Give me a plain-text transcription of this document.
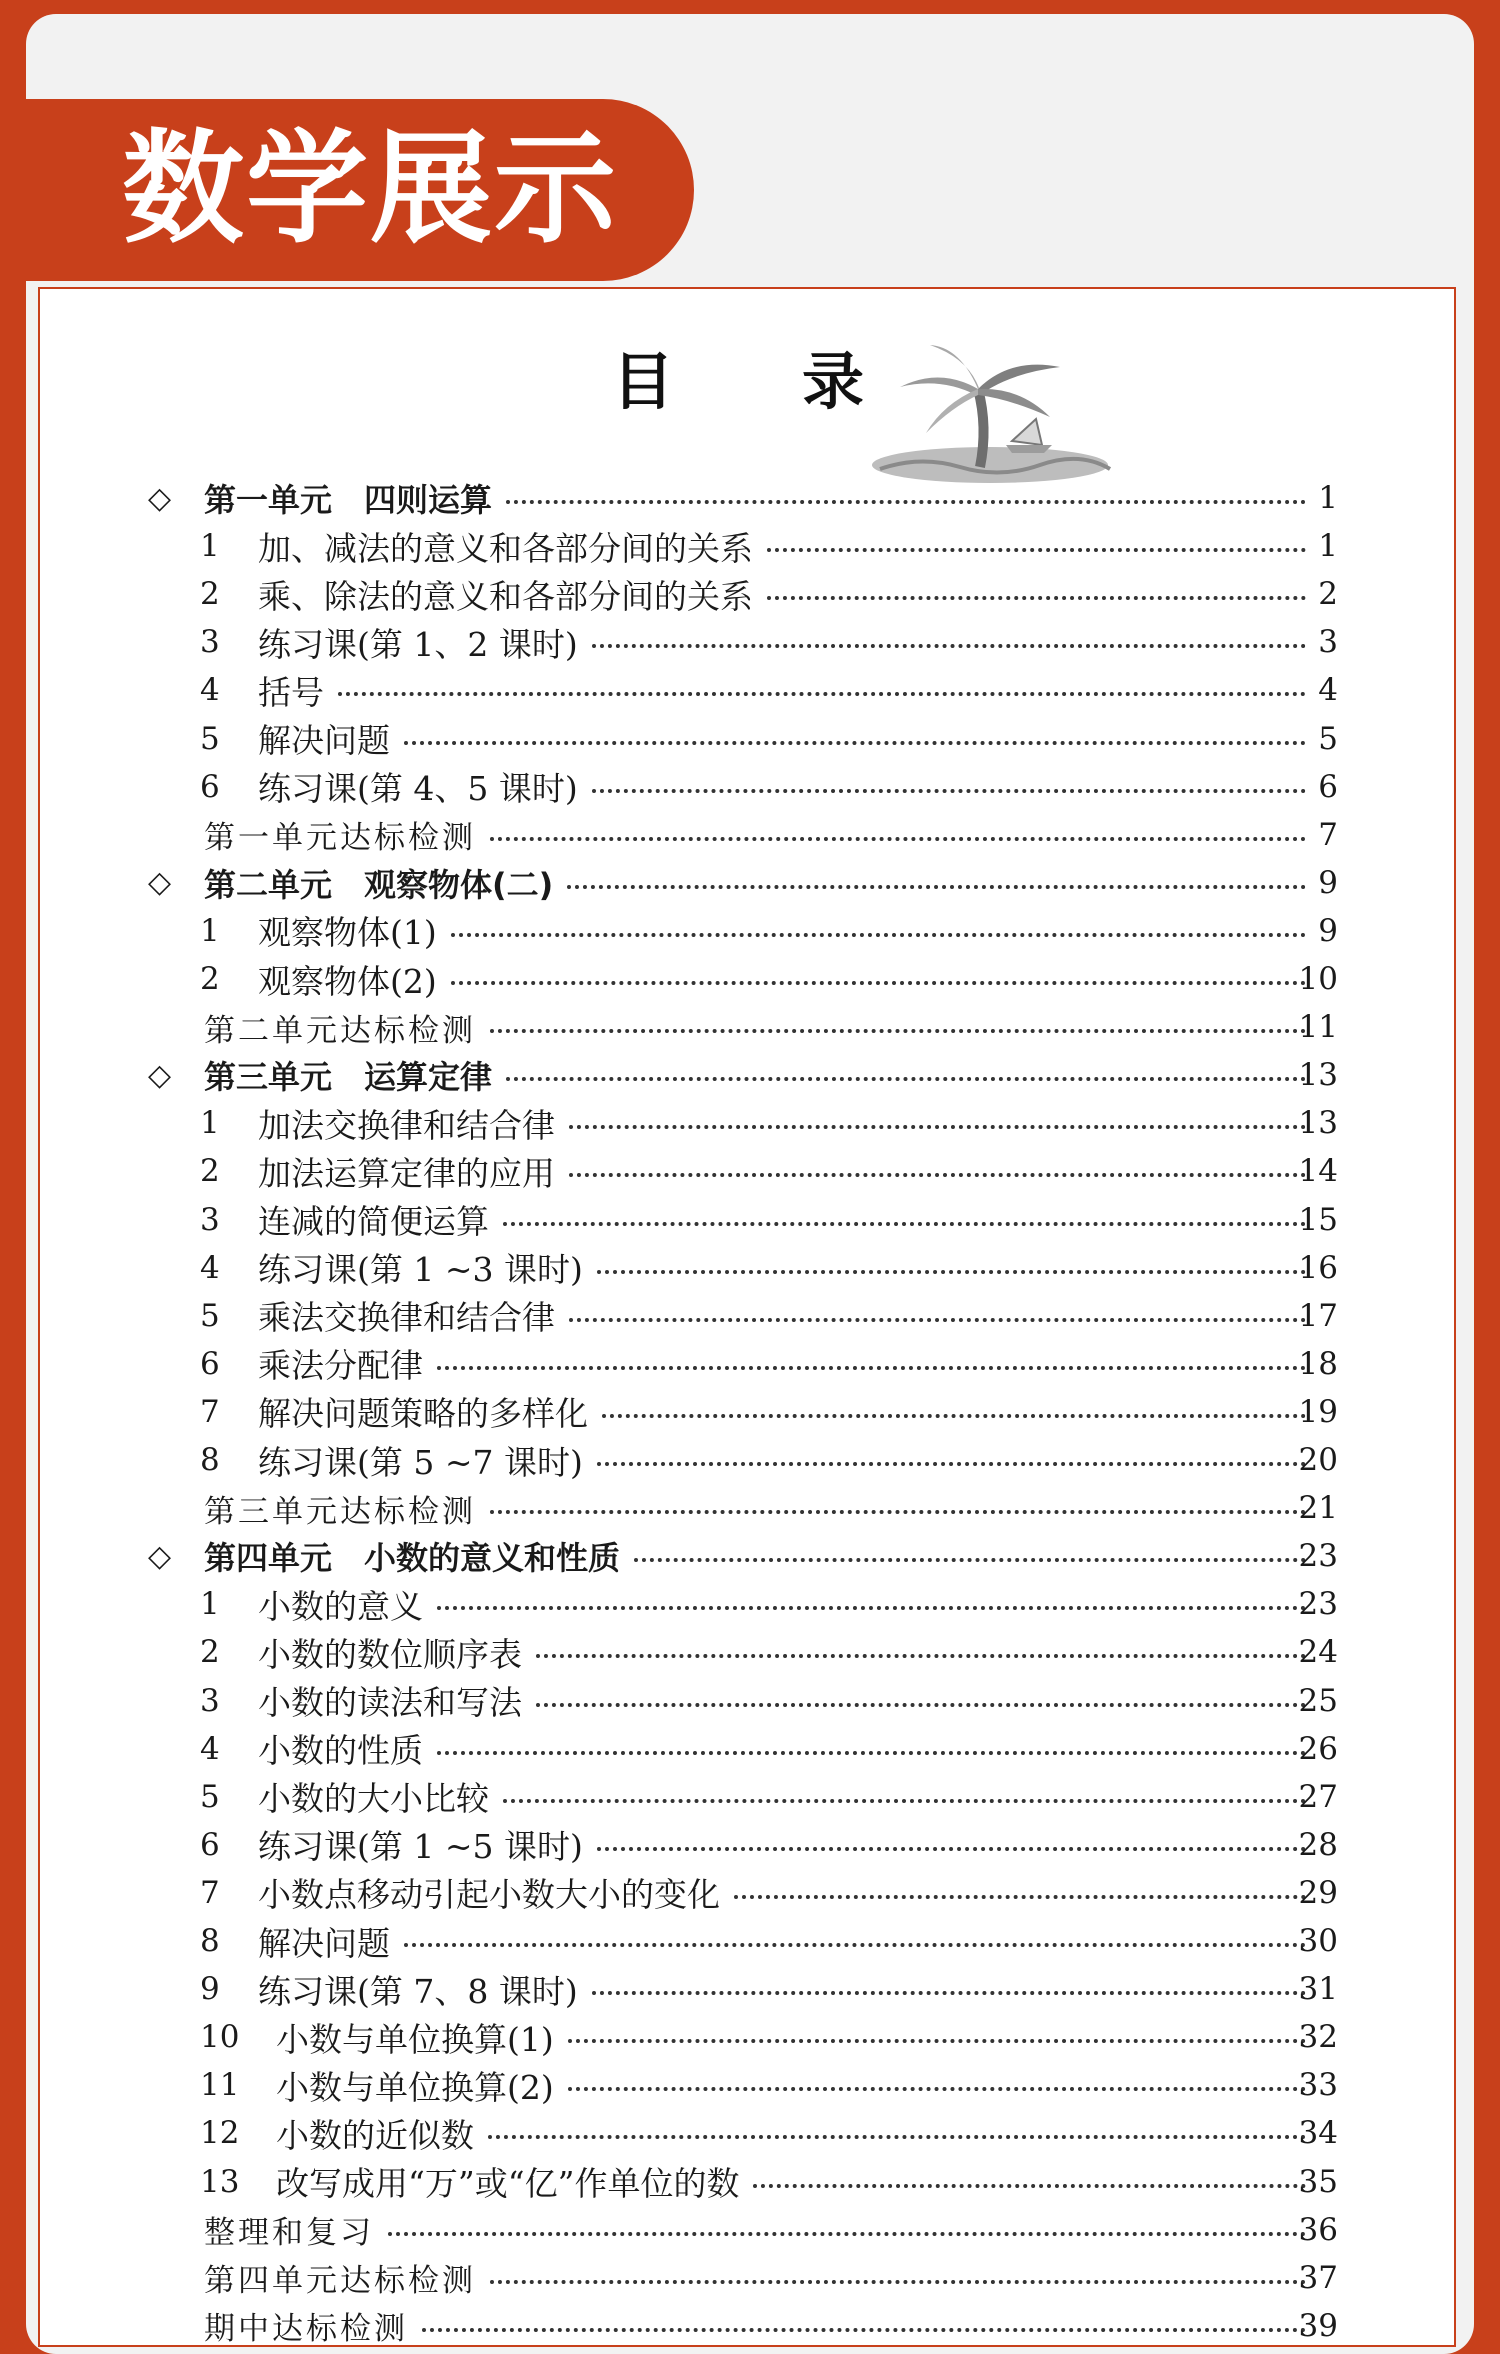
数学展示
目 录
◇ 第一单元　四则运算	1
1 加、减法的意义和各部分间的关系	1
2 乘、除法的意义和各部分间的关系	2
3 练习课(第 1、2 课时)	3
4 括号	4
5 解决问题	5
6 练习课(第 4、5 课时)	6
第一单元达标检测	7
◇ 第二单元　观察物体(二)	9
1 观察物体(1)	9
2 观察物体(2)	10
第二单元达标检测	11
◇ 第三单元　运算定律	13
1 加法交换律和结合律	13
2 加法运算定律的应用	14
3 连减的简便运算	15
4 练习课(第 1 ~3 课时)	16
5 乘法交换律和结合律	17
6 乘法分配律	18
7 解决问题策略的多样化	19
8 练习课(第 5 ~7 课时)	20
第三单元达标检测	21
◇ 第四单元　小数的意义和性质	23
1 小数的意义	23
2 小数的数位顺序表	24
3 小数的读法和写法	25
4 小数的性质	26
5 小数的大小比较	27
6 练习课(第 1 ~5 课时)	28
7 小数点移动引起小数大小的变化	29
8 解决问题	30
9 练习课(第 7、8 课时)	31
10 小数与单位换算(1)	32
11 小数与单位换算(2)	33
12 小数的近似数	34
13 改写成用“万”或“亿”作单位的数	35
整理和复习	36
第四单元达标检测	37
期中达标检测	39
